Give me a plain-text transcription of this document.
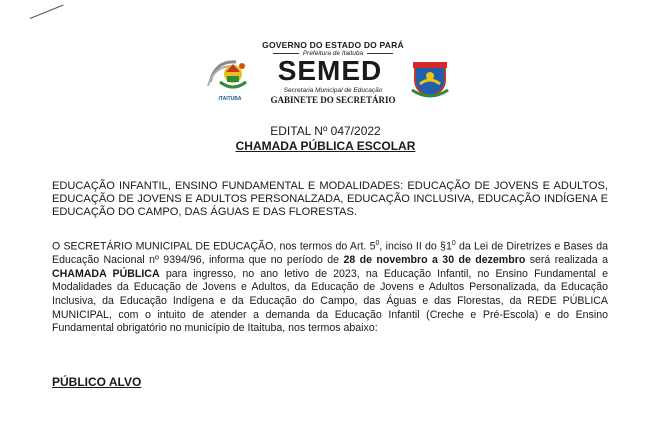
ITAITUBA
GOVERNO DO ESTADO DO PARÁ
Prefeitura de Itaituba
SEMED
Secretaria Municipal de Educação
GABINETE DO SECRETÁRIO
EDITAL Nº 047/2022
CHAMADA PÚBLICA ESCOLAR
EDUCAÇÃO INFANTIL, ENSINO FUNDAMENTAL E MODALIDADES: EDUCAÇÃO DE JOVENS E ADULTOS, EDUCAÇÃO DE JOVENS E ADULTOS PERSONALZADA, EDUCAÇÃO INCLUSIVA, EDUCAÇÃO INDÍGENA E EDUCAÇÃO DO CAMPO, DAS ÁGUAS E DAS FLORESTAS.
O SECRETÁRIO MUNICIPAL DE EDUCAÇÃO, nos termos do Art. $5^0$, inciso II do $\S 1^0$ da Lei de Diretrizes e Bases da Educação Nacional nº 9394/96, informa que no período de 28 de novembro a 30 de dezembro será realizada a CHAMADA PÚBLICA para ingresso, no ano letivo de 2023, na Educação Infantil, no Ensino Fundamental e Modalidades da Educação de Jovens e Adultos, da Educação de Jovens e Adultos Personalizada, da Educação Inclusiva, da Educação Indígena e da Educação do Campo, das Águas e das Florestas, da REDE PÚBLICA MUNICIPAL, com o intuito de atender a demanda da Educação Infantil (Creche e Pré-Escola) e do Ensino Fundamental obrigatório no município de Itaituba, nos termos abaixo:
PÚBLICO ALVO
